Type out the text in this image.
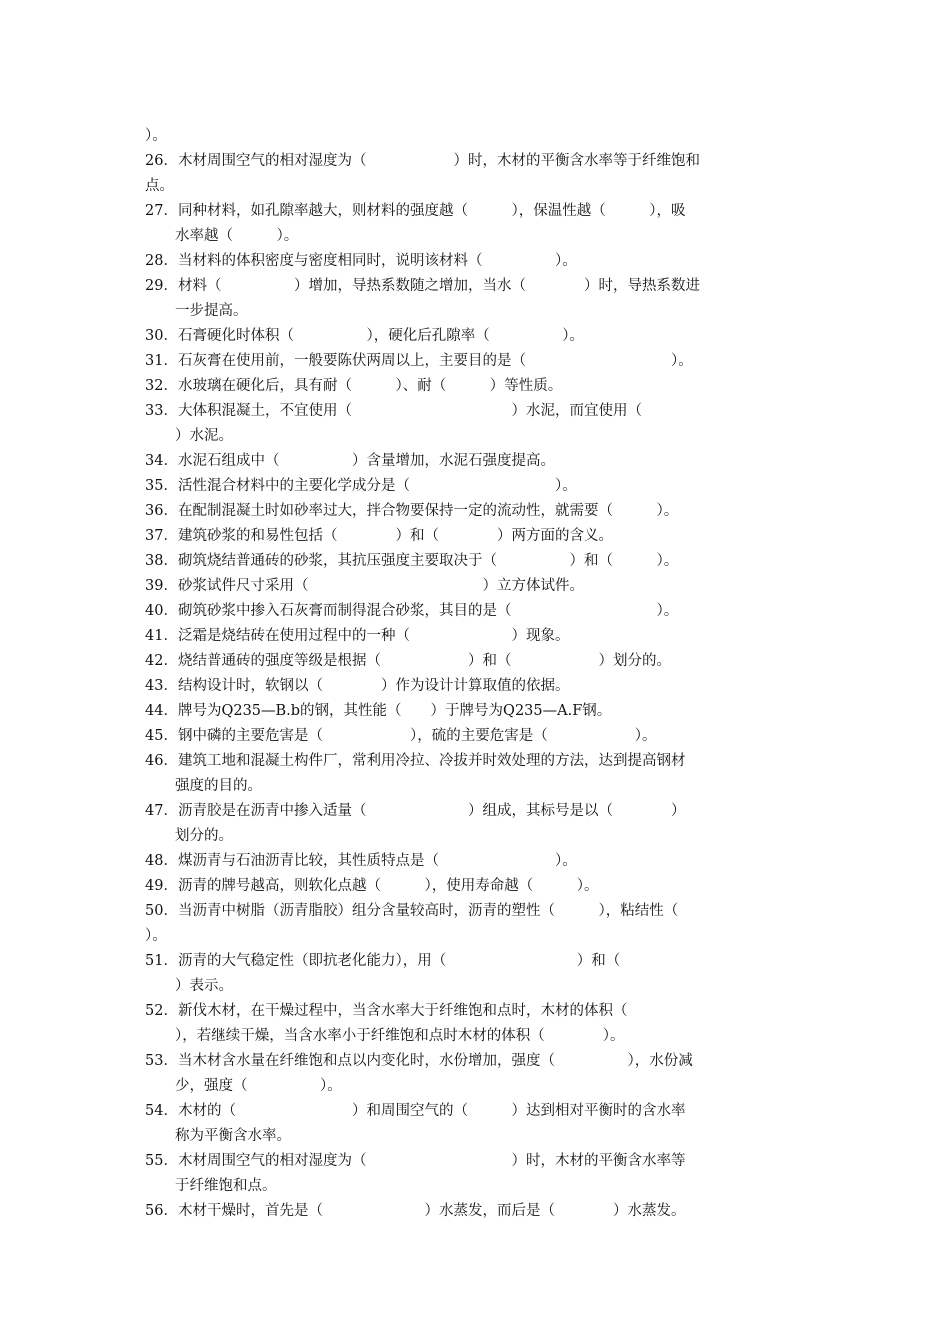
）。
26．木材周围空气的相对湿度为（　　　　　　）时，木材的平衡含水率等于纤维饱和
点。
27．同种材料，如孔隙率越大，则材料的强度越（　　　），保温性越（　　　），吸
水率越（　　　）。
28．当材料的体积密度与密度相同时，说明该材料（　　　　　）。
29．材料（　　　　　）增加，导热系数随之增加，当水（　　　　）时，导热系数进
一步提高。
30．石膏硬化时体积（　　　　　），硬化后孔隙率（　　　　　）。
31．石灰膏在使用前，一般要陈伏两周以上，主要目的是（　　　　　　　　　　）。
32．水玻璃在硬化后，具有耐（　　　）、耐（　　　）等性质。
33．大体积混凝土，不宜使用（　　　　　　　　　　　）水泥，而宜使用（
）水泥。
34．水泥石组成中（　　　　　）含量增加，水泥石强度提高。
35．活性混合材料中的主要化学成分是（　　　　　　　　　　）。
36．在配制混凝土时如砂率过大，拌合物要保持一定的流动性，就需要（　　　）。
37．建筑砂浆的和易性包括（　　　　）和（　　　　）两方面的含义。
38．砌筑烧结普通砖的砂浆，其抗压强度主要取决于（　　　　　）和（　　　）。
39．砂浆试件尺寸采用（　　　　　　　　　　　　）立方体试件。
40．砌筑砂浆中掺入石灰膏而制得混合砂浆，其目的是（　　　　　　　　　　）。
41．泛霜是烧结砖在使用过程中的一种（　　　　　　　）现象。
42．烧结普通砖的强度等级是根据（　　　　　　）和（　　　　　　）划分的。
43．结构设计时，软钢以（　　　　）作为设计计算取值的依据。
44．牌号为Q235—B.b的钢，其性能（　　）于牌号为Q235—A.F钢。
45．钢中磷的主要危害是（　　　　　　），硫的主要危害是（　　　　　　）。
46．建筑工地和混凝土构件厂，常利用冷拉、冷拔并时效处理的方法，达到提高钢材
强度的目的。
47．沥青胶是在沥青中掺入适量（　　　　　　　）组成，其标号是以（　　　　）
划分的。
48．煤沥青与石油沥青比较，其性质特点是（　　　　　　　　）。
49．沥青的牌号越高，则软化点越（　　　），使用寿命越（　　　）。
50．当沥青中树脂（沥青脂胶）组分含量较高时，沥青的塑性（　　　），粘结性（
）。
51．沥青的大气稳定性（即抗老化能力），用（　　　　　　　　　）和（
）表示。
52．新伐木材，在干燥过程中，当含水率大于纤维饱和点时，木材的体积（
），若继续干燥，当含水率小于纤维饱和点时木材的体积（　　　　）。
53．当木材含水量在纤维饱和点以内变化时，水份增加，强度（　　　　　），水份减
少，强度（　　　　　）。
54．木材的（　　　　　　　　）和周围空气的（　　　）达到相对平衡时的含水率
称为平衡含水率。
55．木材周围空气的相对湿度为（　　　　　　　　　　）时，木材的平衡含水率等
于纤维饱和点。
56．木材干燥时，首先是（　　　　　　　）水蒸发，而后是（　　　　）水蒸发。
